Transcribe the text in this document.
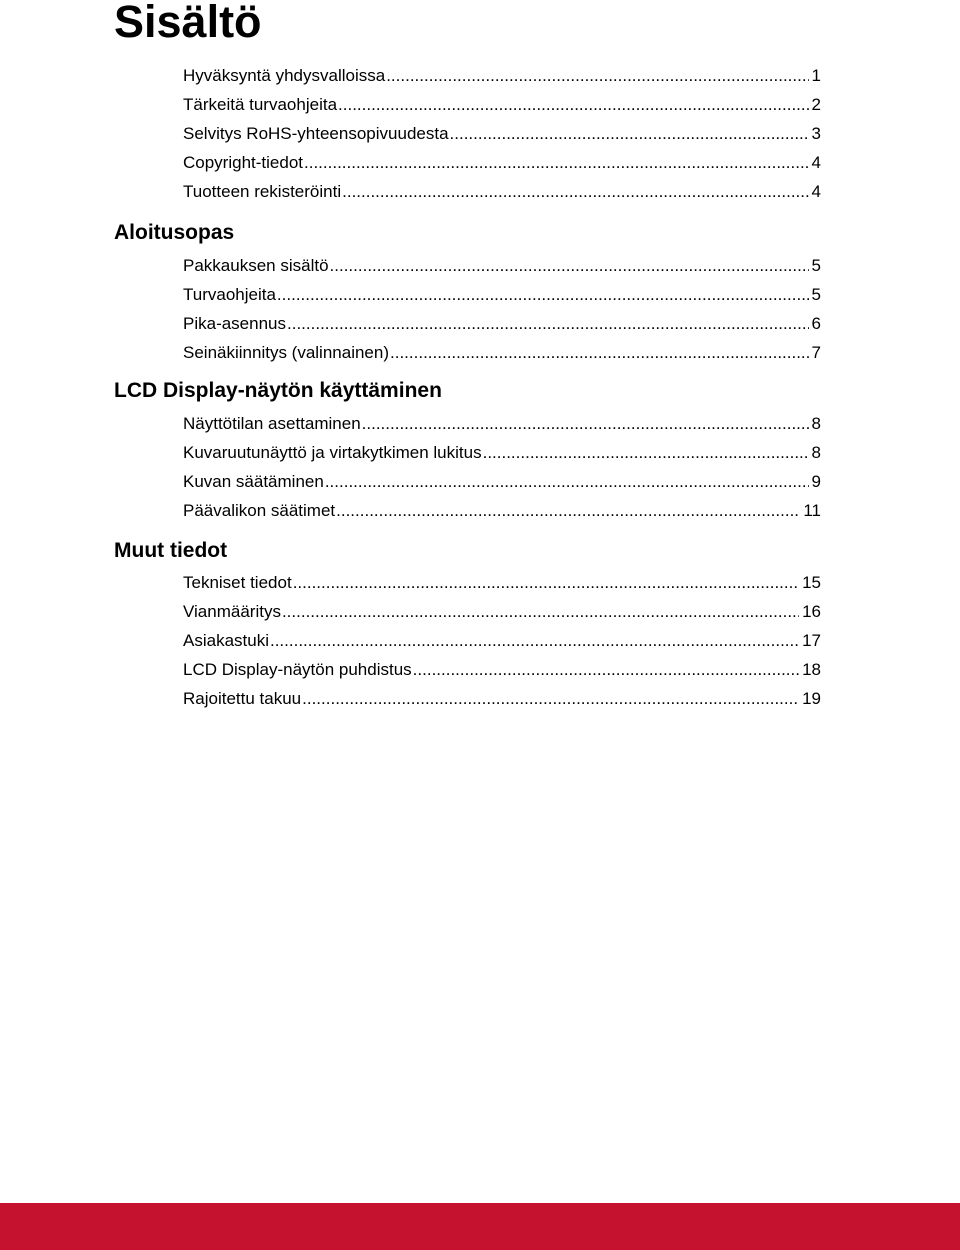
Sisältö
Hyväksyntä yhdysvalloissa .....	1
Tärkeitä turvaohjeita .....	2
Selvitys RoHS-yhteensopivuudesta .....	3
Copyright-tiedot .....	4
Tuotteen rekisteröinti .....	4
Aloitusopas
Pakkauksen sisältö .....	5
Turvaohjeita .....	5
Pika-asennus .....	6
Seinäkiinnitys (valinnainen) .....	7
LCD Display-näytön käyttäminen
Näyttötilan asettaminen .....	8
Kuvaruutunäyttö ja virtakytkimen lukitus .....	8
Kuvan säätäminen .....	9
Päävalikon säätimet .....	11
Muut tiedot
Tekniset tiedot .....	15
Vianmääritys .....	16
Asiakastuki .....	17
LCD Display-näytön puhdistus .....	18
Rajoitettu takuu .....	19
